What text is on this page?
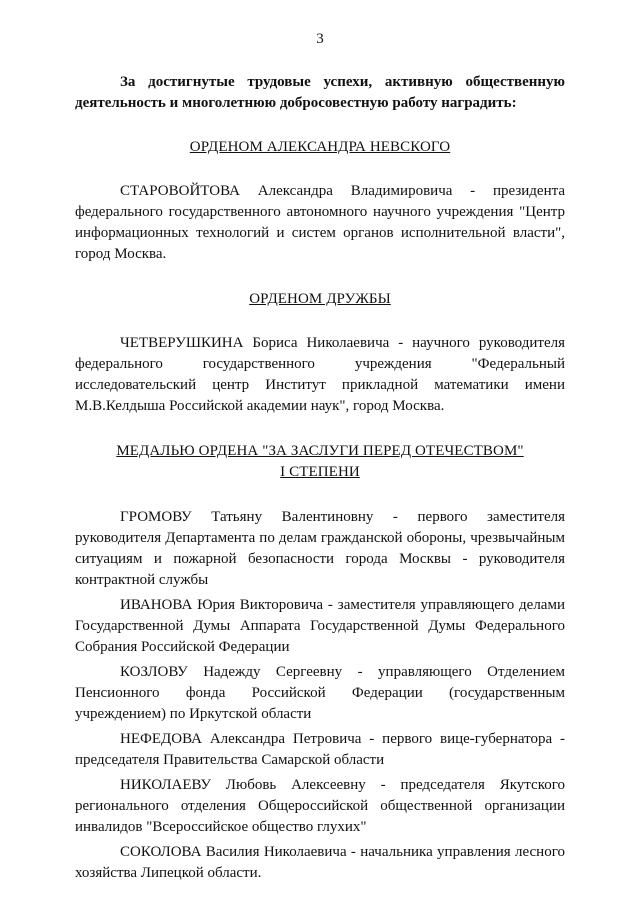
3

За достигнутые трудовые успехи, активную общественную деятельность и многолетнюю добросовестную работу наградить:

ОРДЕНОМ АЛЕКСАНДРА НЕВСКОГО

СТАРОВОЙТОВА Александра Владимировича - президента федерального государственного автономного научного учреждения "Центр информационных технологий и систем органов исполнительной власти", город Москва.

ОРДЕНОМ ДРУЖБЫ

ЧЕТВЕРУШКИНА Бориса Николаевича - научного руководителя федерального государственного учреждения "Федеральный исследовательский центр Институт прикладной математики имени М.В.Келдыша Российской академии наук", город Москва.

МЕДАЛЬЮ ОРДЕНА "ЗА ЗАСЛУГИ ПЕРЕД ОТЕЧЕСТВОМ"

I СТЕПЕНИ

ГРОМОВУ Татьяну Валентиновну - первого заместителя руководителя Департамента по делам гражданской обороны, чрезвычайным ситуациям и пожарной безопасности города Москвы - руководителя контрактной службы

ИВАНОВА Юрия Викторовича - заместителя управляющего делами Государственной Думы Аппарата Государственной Думы Федерального Собрания Российской Федерации

КОЗЛОВУ Надежду Сергеевну - управляющего Отделением Пенсионного фонда Российской Федерации (государственным учреждением) по Иркутской области

НЕФЕДОВА Александра Петровича - первого вице-губернатора - председателя Правительства Самарской области

НИКОЛАЕВУ Любовь Алексеевну - председателя Якутского регионального отделения Общероссийской общественной организации инвалидов "Всероссийское общество глухих"

СОКОЛОВА Василия Николаевича - начальника управления лесного хозяйства Липецкой области.
